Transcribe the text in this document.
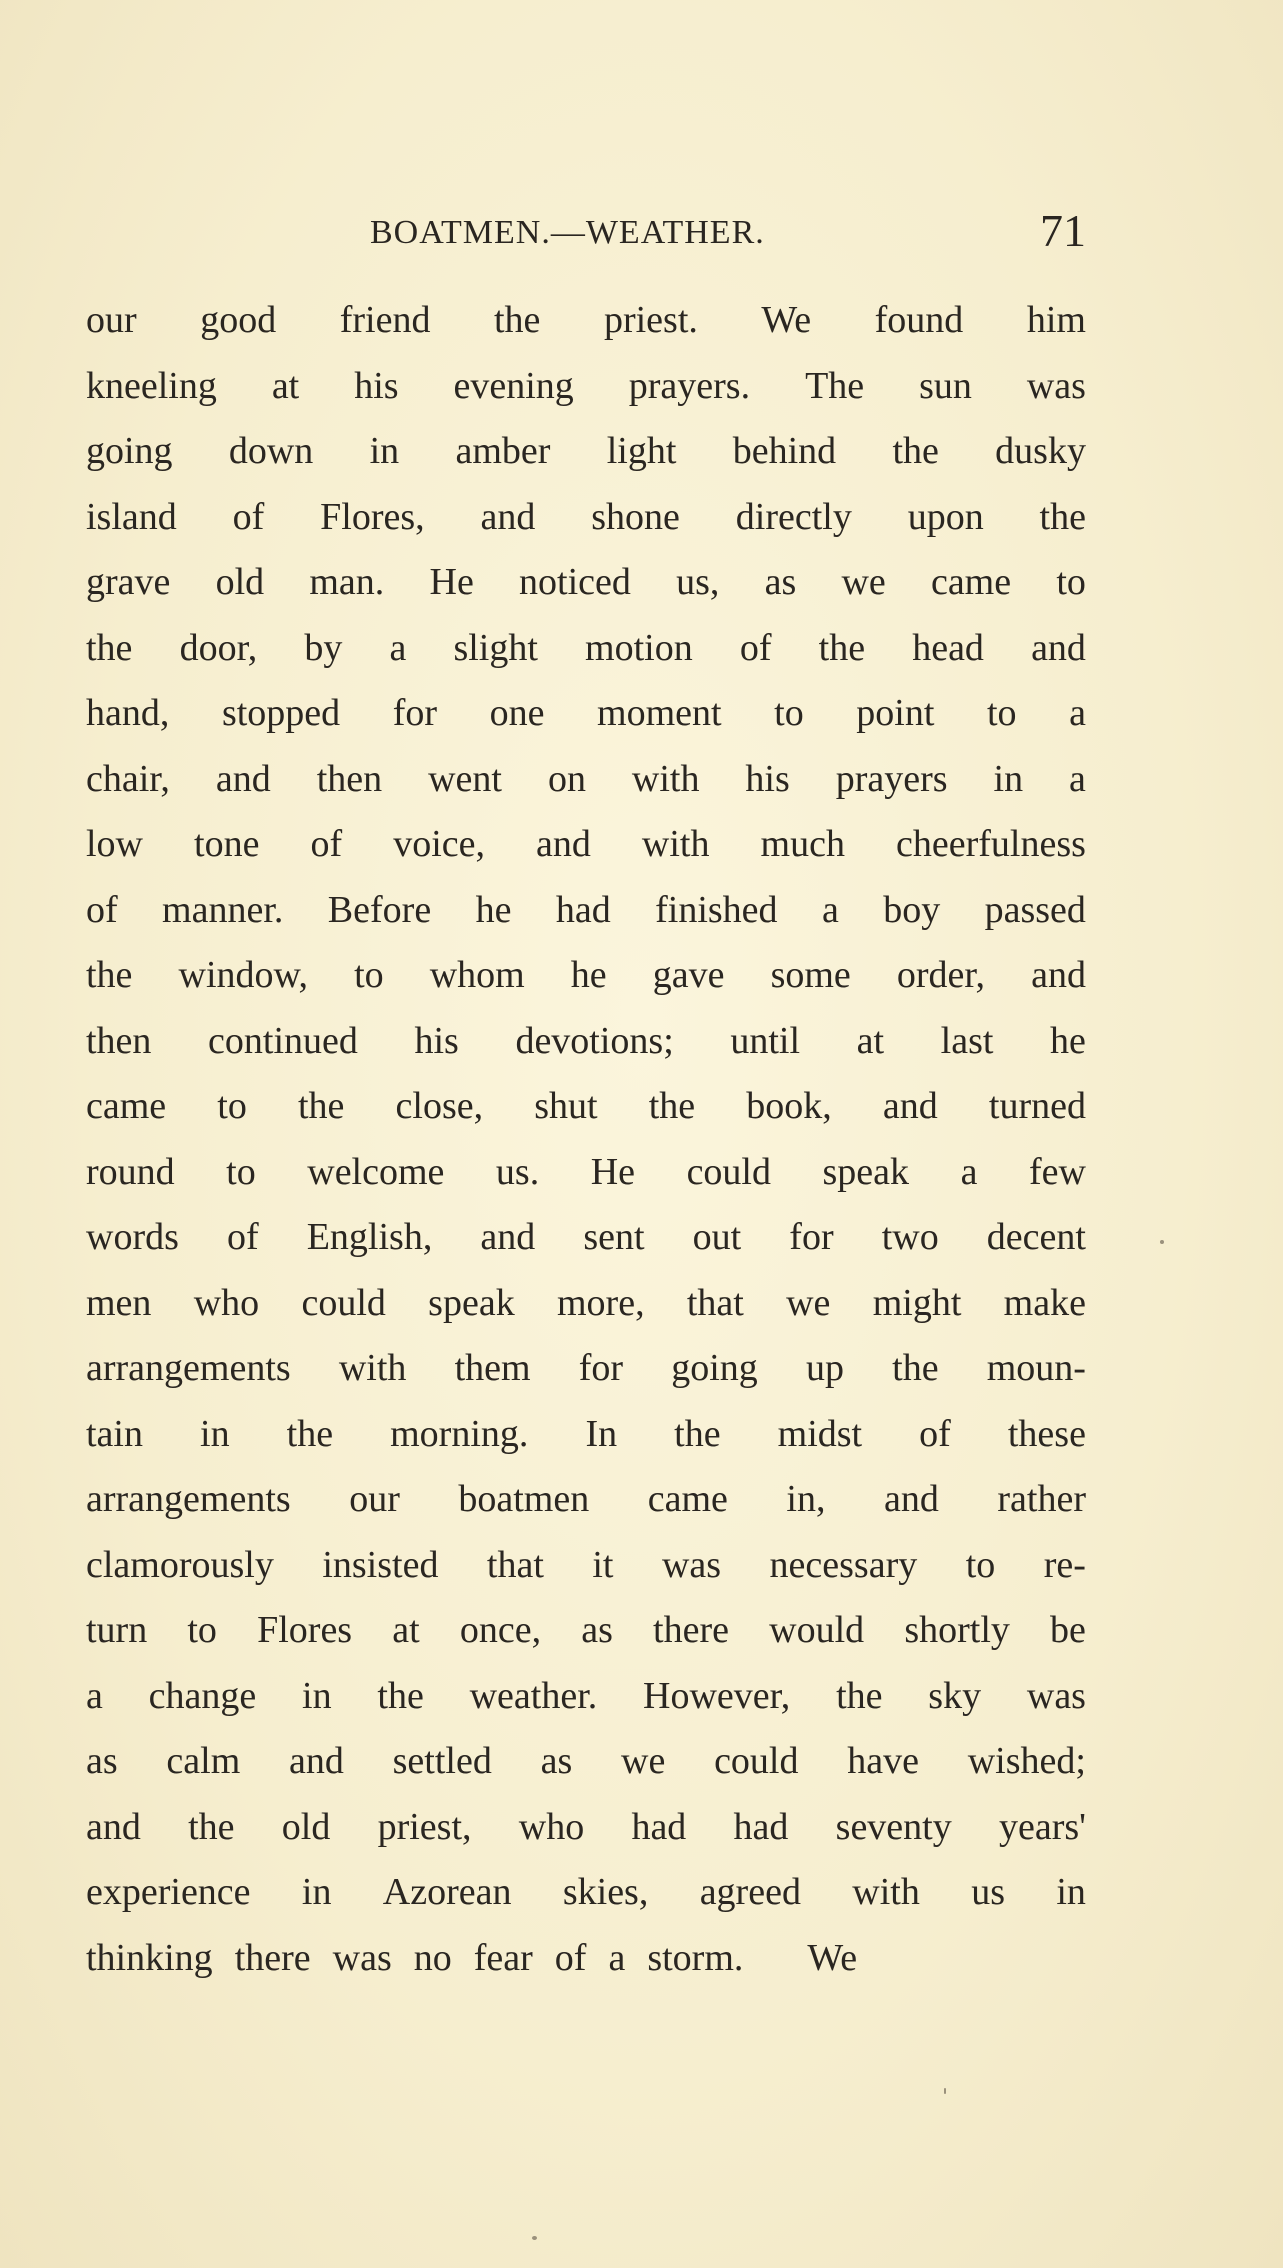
BOATMEN.—WEATHER.	71
our good friend the priest. We found him
kneeling at his evening prayers. The sun was
going down in amber light behind the dusky
island of Flores, and shone directly upon the
grave old man. He noticed us, as we came to
the door, by a slight motion of the head and
hand, stopped for one moment to point to a
chair, and then went on with his prayers in a
low tone of voice, and with much cheerfulness
of manner. Before he had finished a boy passed
the window, to whom he gave some order, and
then continued his devotions; until at last he
came to the close, shut the book, and turned
round to welcome us. He could speak a few
words of English, and sent out for two decent
men who could speak more, that we might make
arrangements with them for going up the moun-
tain in the morning. In the midst of these
arrangements our boatmen came in, and rather
clamorously insisted that it was necessary to re-
turn to Flores at once, as there would shortly be
a change in the weather. However, the sky was
as calm and settled as we could have wished;
and the old priest, who had had seventy years'
experience in Azorean skies, agreed with us in
thinking there was no fear of a storm. We
